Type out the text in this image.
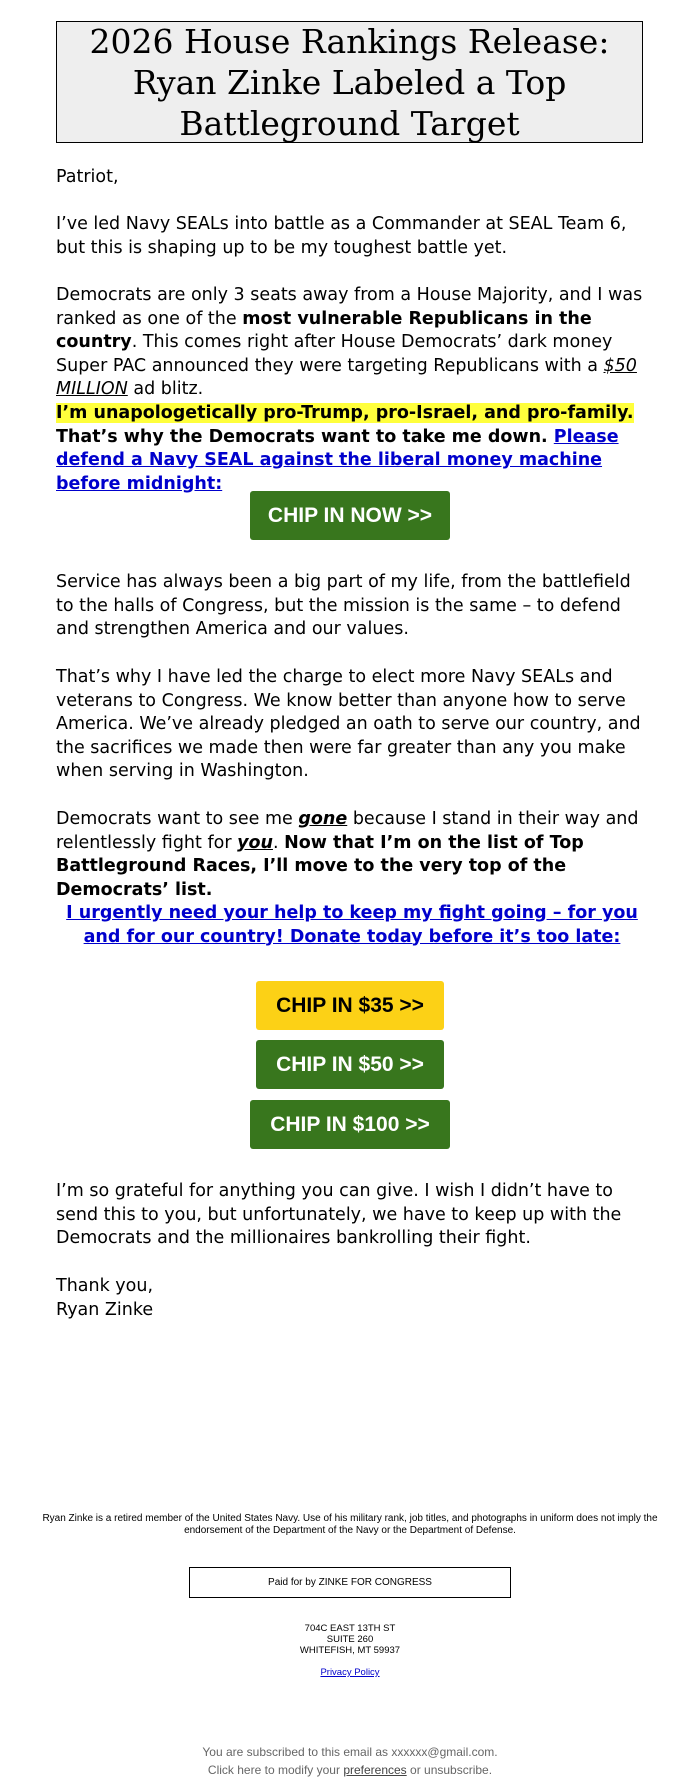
2026 House Rankings Release: Ryan Zinke Labeled a Top Battleground Target
Patriot,
I’ve led Navy SEALs into battle as a Commander at SEAL Team 6, but this is shaping up to be my toughest battle yet.
Democrats are only 3 seats away from a House Majority, and I was ranked as one of the most vulnerable Republicans in the country. This comes right after House Democrats’ dark money Super PAC announced they were targeting Republicans with a $50 MILLION ad blitz.
I’m unapologetically pro-Trump, pro-Israel, and pro-family. That’s why the Democrats want to take me down. Please defend a Navy SEAL against the liberal money machine before midnight:
CHIP IN NOW >>
Service has always been a big part of my life, from the battlefield to the halls of Congress, but the mission is the same – to defend and strengthen America and our values.
That’s why I have led the charge to elect more Navy SEALs and veterans to Congress. We know better than anyone how to serve America. We’ve already pledged an oath to serve our country, and the sacrifices we made then were far greater than any you make when serving in Washington.
Democrats want to see me gone because I stand in their way and relentlessly fight for you. Now that I’m on the list of Top Battleground Races, I’ll move to the very top of the Democrats’ list.
I urgently need your help to keep my fight going – for you and for our country! Donate today before it’s too late:
CHIP IN $35 >>
CHIP IN $50 >>
CHIP IN $100 >>
I’m so grateful for anything you can give. I wish I didn’t have to send this to you, but unfortunately, we have to keep up with the Democrats and the millionaires bankrolling their fight.
Thank you,
Ryan Zinke
Ryan Zinke is a retired member of the United States Navy. Use of his military rank, job titles, and photographs in uniform does not imply the endorsement of the Department of the Navy or the Department of Defense.
Paid for by ZINKE FOR CONGRESS
704C EAST 13TH ST
SUITE 260
WHITEFISH, MT 59937
Privacy Policy
You are subscribed to this email as xxxxxx@gmail.com.
Click here to modify your preferences or unsubscribe.
